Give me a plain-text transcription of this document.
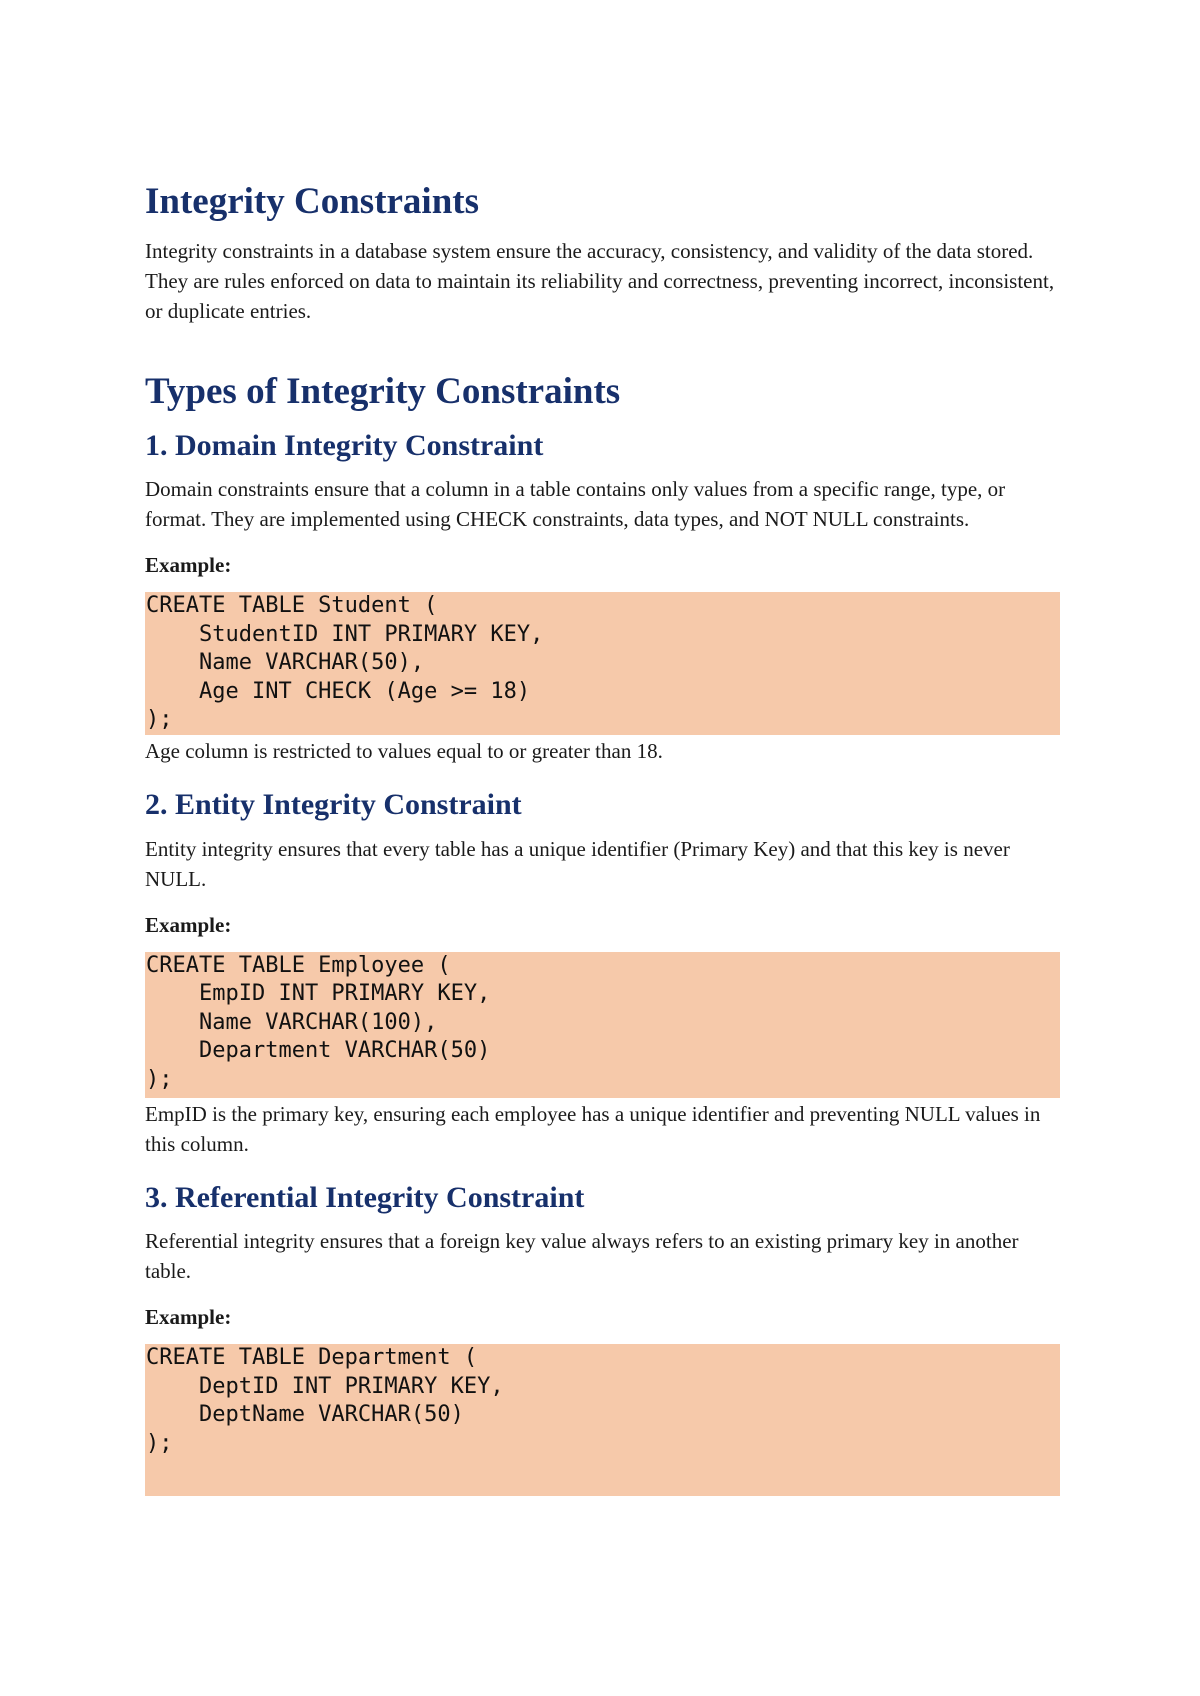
Integrity Constraints

Integrity constraints in a database system ensure the accuracy, consistency, and validity of the data stored. They are rules enforced on data to maintain its reliability and correctness, preventing incorrect, inconsistent, or duplicate entries.

Types of Integrity Constraints
1. Domain Integrity Constraint

Domain constraints ensure that a column in a table contains only values from a specific range, type, or format. They are implemented using CHECK constraints, data types, and NOT NULL constraints.

Example:

CREATE TABLE Student (
StudentID INT PRIMARY KEY,
Name VARCHAR(50),
Age INT CHECK (Age >= 18)
);

Age column is restricted to values equal to or greater than 18.

2. Entity Integrity Constraint

Entity integrity ensures that every table has a unique identifier (Primary Key) and that this key is never NULL.

Example:

CREATE TABLE Employee (
EmpID INT PRIMARY KEY,
Name VARCHAR(100),
Department VARCHAR(50)
);

EmpID is the primary key, ensuring each employee has a unique identifier and preventing NULL values in this column.

3. Referential Integrity Constraint

Referential integrity ensures that a foreign key value always refers to an existing primary key in another table.

Example:

CREATE TABLE Department (
DeptID INT PRIMARY KEY,
DeptName VARCHAR(50)
);
